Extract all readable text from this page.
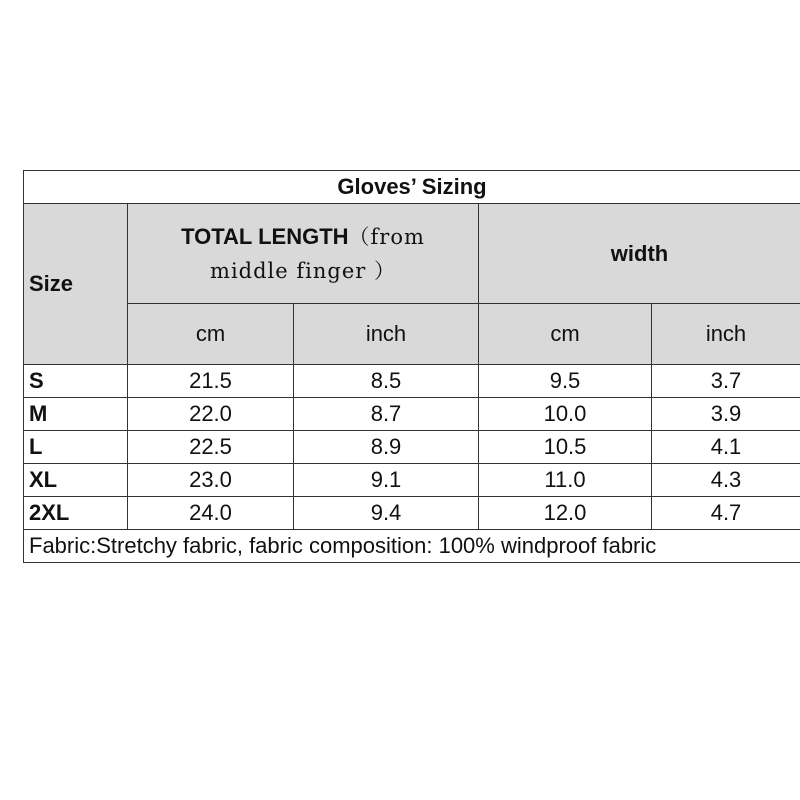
Gloves’ Sizing				
Size	TOTAL LENGTH（from middle finger ）		width	
	cm	inch	cm	inch
S	21.5	8.5	9.5	3.7
M	22.0	8.7	10.0	3.9
L	22.5	8.9	10.5	4.1
XL	23.0	9.1	11.0	4.3
2XL	24.0	9.4	12.0	4.7
Fabric:Stretchy fabric, fabric composition: 100% windproof fabric				
